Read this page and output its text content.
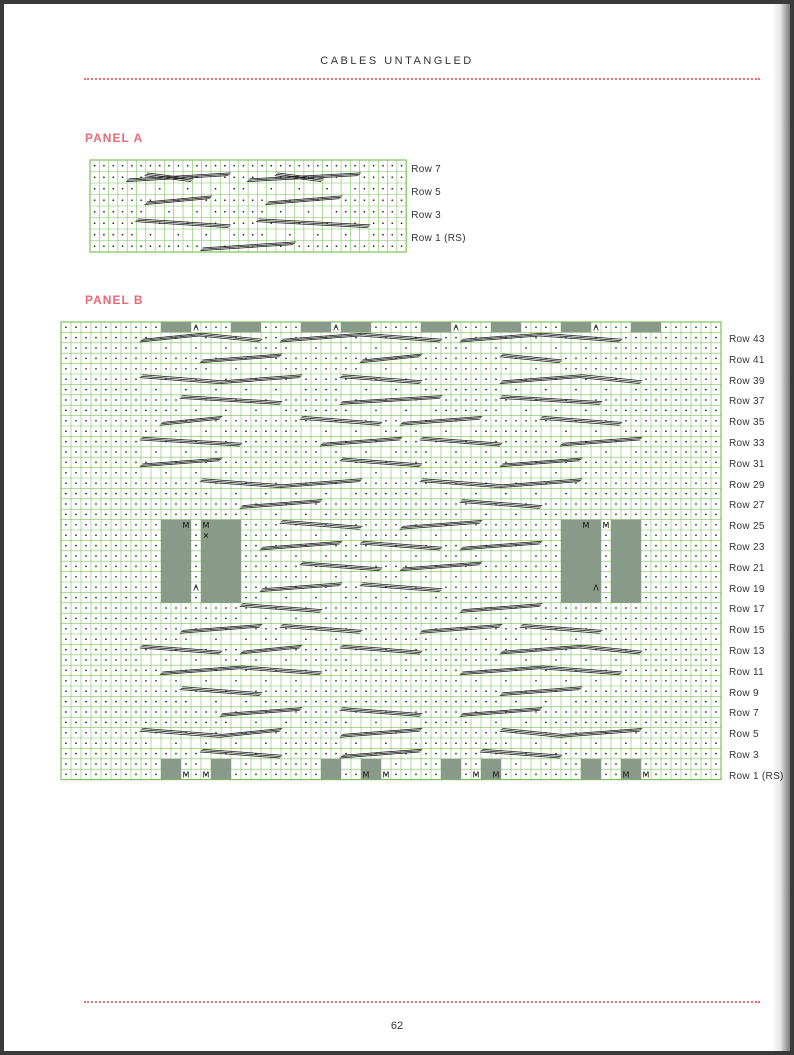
CABLES UNTANGLED
PANEL A
PANEL B
M M	M M	M M	M M
M M	M M
✕
Λ	Λ	Λ	Λ
Λ	Λ
Row 7
Row 5
Row 3
Row 1 (RS)
Row 43
Row 41
Row 39
Row 37
Row 35
Row 33
Row 31
Row 29
Row 27
Row 25
Row 23
Row 21
Row 19
Row 17
Row 15
Row 13
Row 11
Row 9
Row 7
Row 5
Row 3
Row 1 (RS)
62
